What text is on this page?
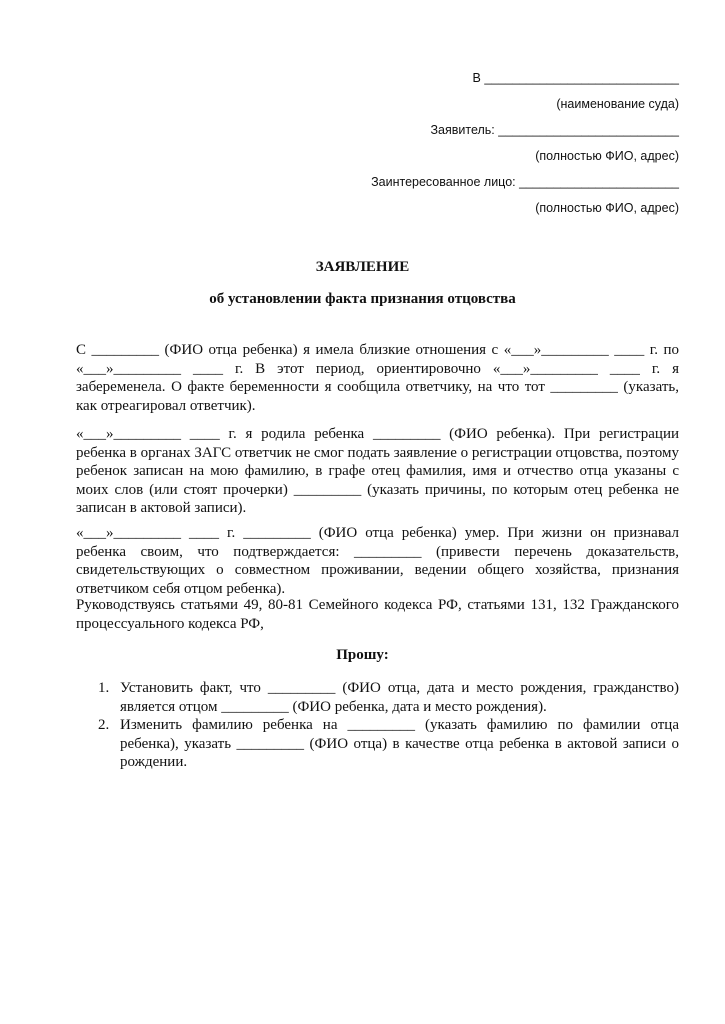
В ____________________________
(наименование суда)
Заявитель: __________________________
(полностью ФИО, адрес)
Заинтересованное лицо: _______________________
(полностью ФИО, адрес)
ЗАЯВЛЕНИЕ
об установлении факта признания отцовства
С _________ (ФИО отца ребенка) я имела близкие отношения с «___»_________ ____ г. по «___»_________ ____ г. В этот период, ориентировочно «___»_________ ____ г. я забеременела. О факте беременности я сообщила ответчику, на что тот _________ (указать, как отреагировал ответчик).
«___»_________ ____ г. я родила ребенка _________ (ФИО ребенка). При регистрации ребенка в органах ЗАГС ответчик не смог подать заявление о регистрации отцовства, поэтому ребенок записан на мою фамилию, в графе отец фамилия, имя и отчество отца указаны с моих слов (или стоят прочерки) _________ (указать причины, по которым отец ребенка не записан в актовой записи).
«___»_________ ____ г. _________ (ФИО отца ребенка) умер. При жизни он признавал ребенка своим, что подтверждается: _________ (привести перечень доказательств, свидетельствующих о совместном проживании, ведении общего хозяйства, признания ответчиком себя отцом ребенка).
Руководствуясь статьями 49, 80-81 Семейного кодекса РФ, статьями 131, 132 Гражданского процессуального кодекса РФ,
Прошу:
1. Установить факт, что _________ (ФИО отца, дата и место рождения, гражданство) является отцом _________ (ФИО ребенка, дата и место рождения).
2. Изменить фамилию ребенка на _________ (указать фамилию по фамилии отца ребенка), указать _________ (ФИО отца) в качестве отца ребенка в актовой записи о рождении.
